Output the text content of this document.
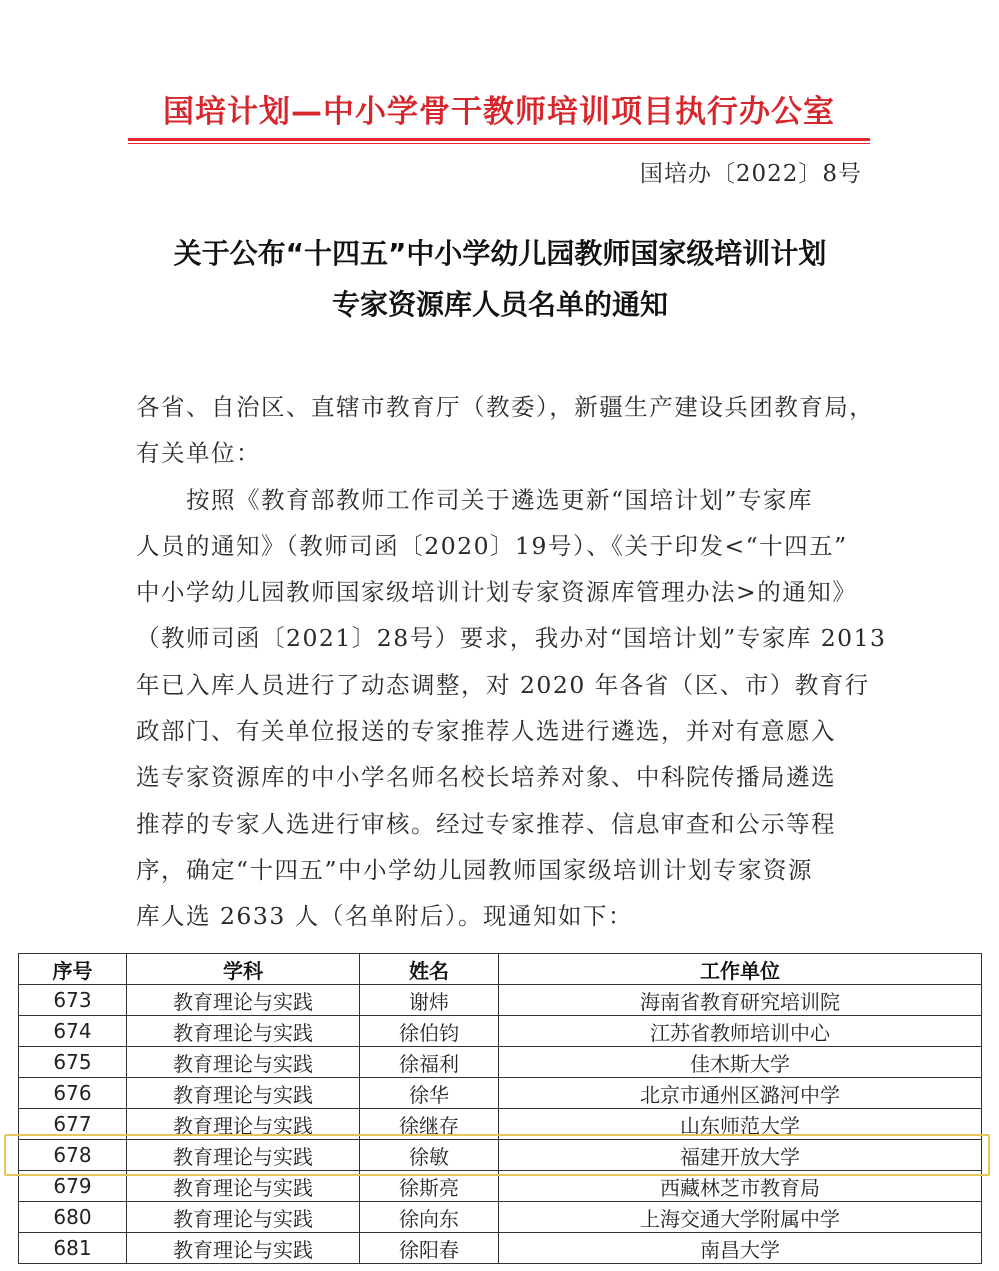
国培计划—中小学骨干教师培训项目执行办公室
国培办〔2022〕8号
关于公布“十四五”中小学幼儿园教师国家级培训计划
专家资源库人员名单的通知
各省、自治区、直辖市教育厅（教委），新疆生产建设兵团教育局，
有关单位：
　　按照《教育部教师工作司关于遴选更新“国培计划”专家库
人员的通知》（教师司函〔2020〕19号）、《关于印发<“十四五”
中小学幼儿园教师国家级培训计划专家资源库管理办法>的通知》
（教师司函〔2021〕28号）要求，我办对“国培计划”专家库 2013
年已入库人员进行了动态调整，对 2020 年各省（区、市）教育行
政部门、有关单位报送的专家推荐人选进行遴选，并对有意愿入
选专家资源库的中小学名师名校长培养对象、中科院传播局遴选
推荐的专家人选进行审核。经过专家推荐、信息审查和公示等程
序，确定“十四五”中小学幼儿园教师国家级培训计划专家资源
库人选 2633 人（名单附后）。现通知如下：
序号	学科	姓名	工作单位
673	教育理论与实践	谢炜	海南省教育研究培训院
674	教育理论与实践	徐伯钧	江苏省教师培训中心
675	教育理论与实践	徐福利	佳木斯大学
676	教育理论与实践	徐华	北京市通州区潞河中学
677	教育理论与实践	徐继存	山东师范大学
678	教育理论与实践	徐敏	福建开放大学
679	教育理论与实践	徐斯亮	西藏林芝市教育局
680	教育理论与实践	徐向东	上海交通大学附属中学
681	教育理论与实践	徐阳春	南昌大学
